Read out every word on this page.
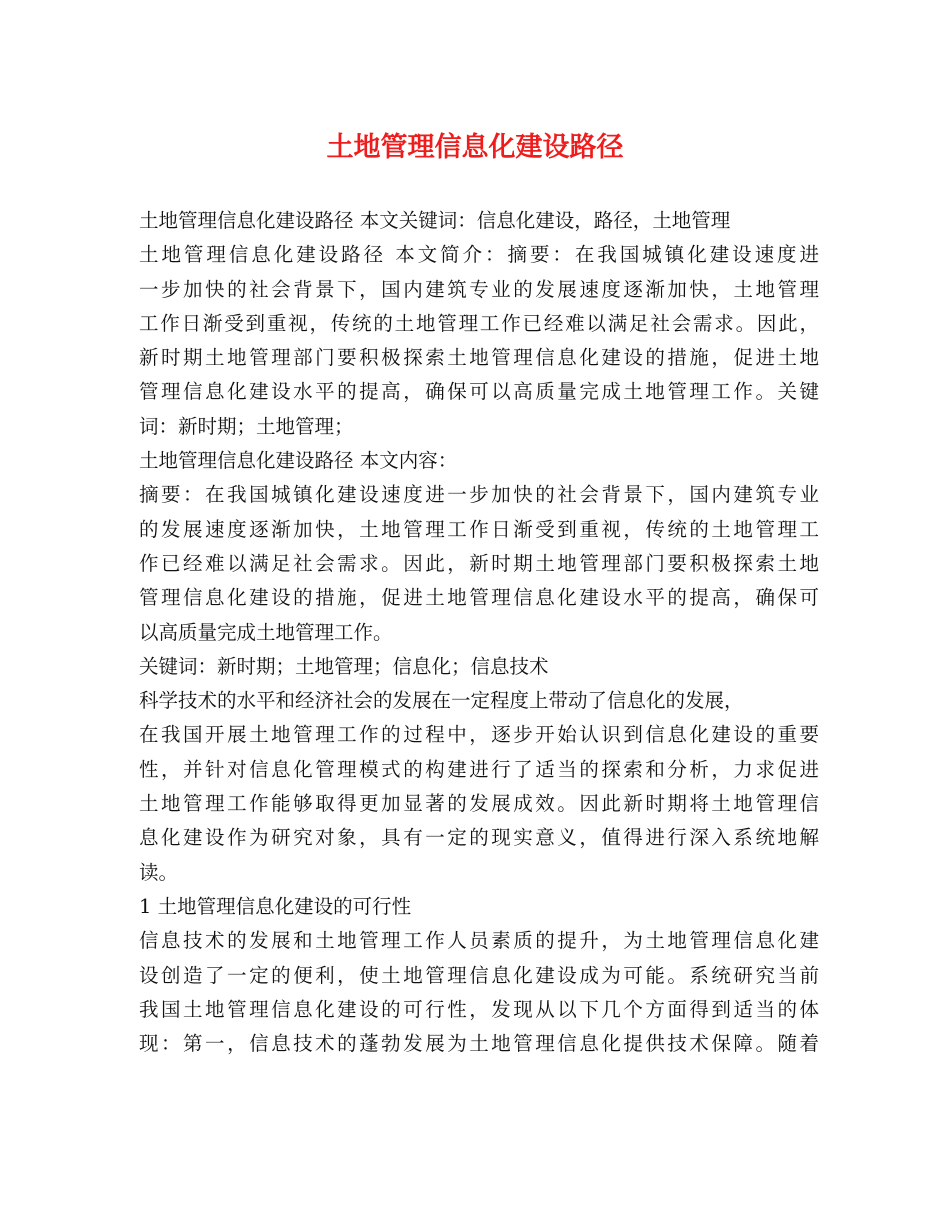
土地管理信息化建设路径
土地管理信息化建设路径 本文关键词：信息化建设，路径，土地管理
土地管理信息化建设路径 本文简介：摘要：在我国城镇化建设速度进
一步加快的社会背景下，国内建筑专业的发展速度逐渐加快，土地管理
工作日渐受到重视，传统的土地管理工作已经难以满足社会需求。因此，
新时期土地管理部门要积极探索土地管理信息化建设的措施，促进土地
管理信息化建设水平的提高，确保可以高质量完成土地管理工作。关键
词：新时期；土地管理；
土地管理信息化建设路径 本文内容：
摘要：在我国城镇化建设速度进一步加快的社会背景下，国内建筑专业
的发展速度逐渐加快，土地管理工作日渐受到重视，传统的土地管理工
作已经难以满足社会需求。因此，新时期土地管理部门要积极探索土地
管理信息化建设的措施，促进土地管理信息化建设水平的提高，确保可
以高质量完成土地管理工作。
关键词：新时期；土地管理；信息化；信息技术
科学技术的水平和经济社会的发展在一定程度上带动了信息化的发展，
在我国开展土地管理工作的过程中，逐步开始认识到信息化建设的重要
性，并针对信息化管理模式的构建进行了适当的探索和分析，力求促进
土地管理工作能够取得更加显著的发展成效。因此新时期将土地管理信
息化建设作为研究对象，具有一定的现实意义，值得进行深入系统地解
读。
1 土地管理信息化建设的可行性
信息技术的发展和土地管理工作人员素质的提升，为土地管理信息化建
设创造了一定的便利，使土地管理信息化建设成为可能。系统研究当前
我国土地管理信息化建设的可行性，发现从以下几个方面得到适当的体
现：第一，信息技术的蓬勃发展为土地管理信息化提供技术保障。随着
